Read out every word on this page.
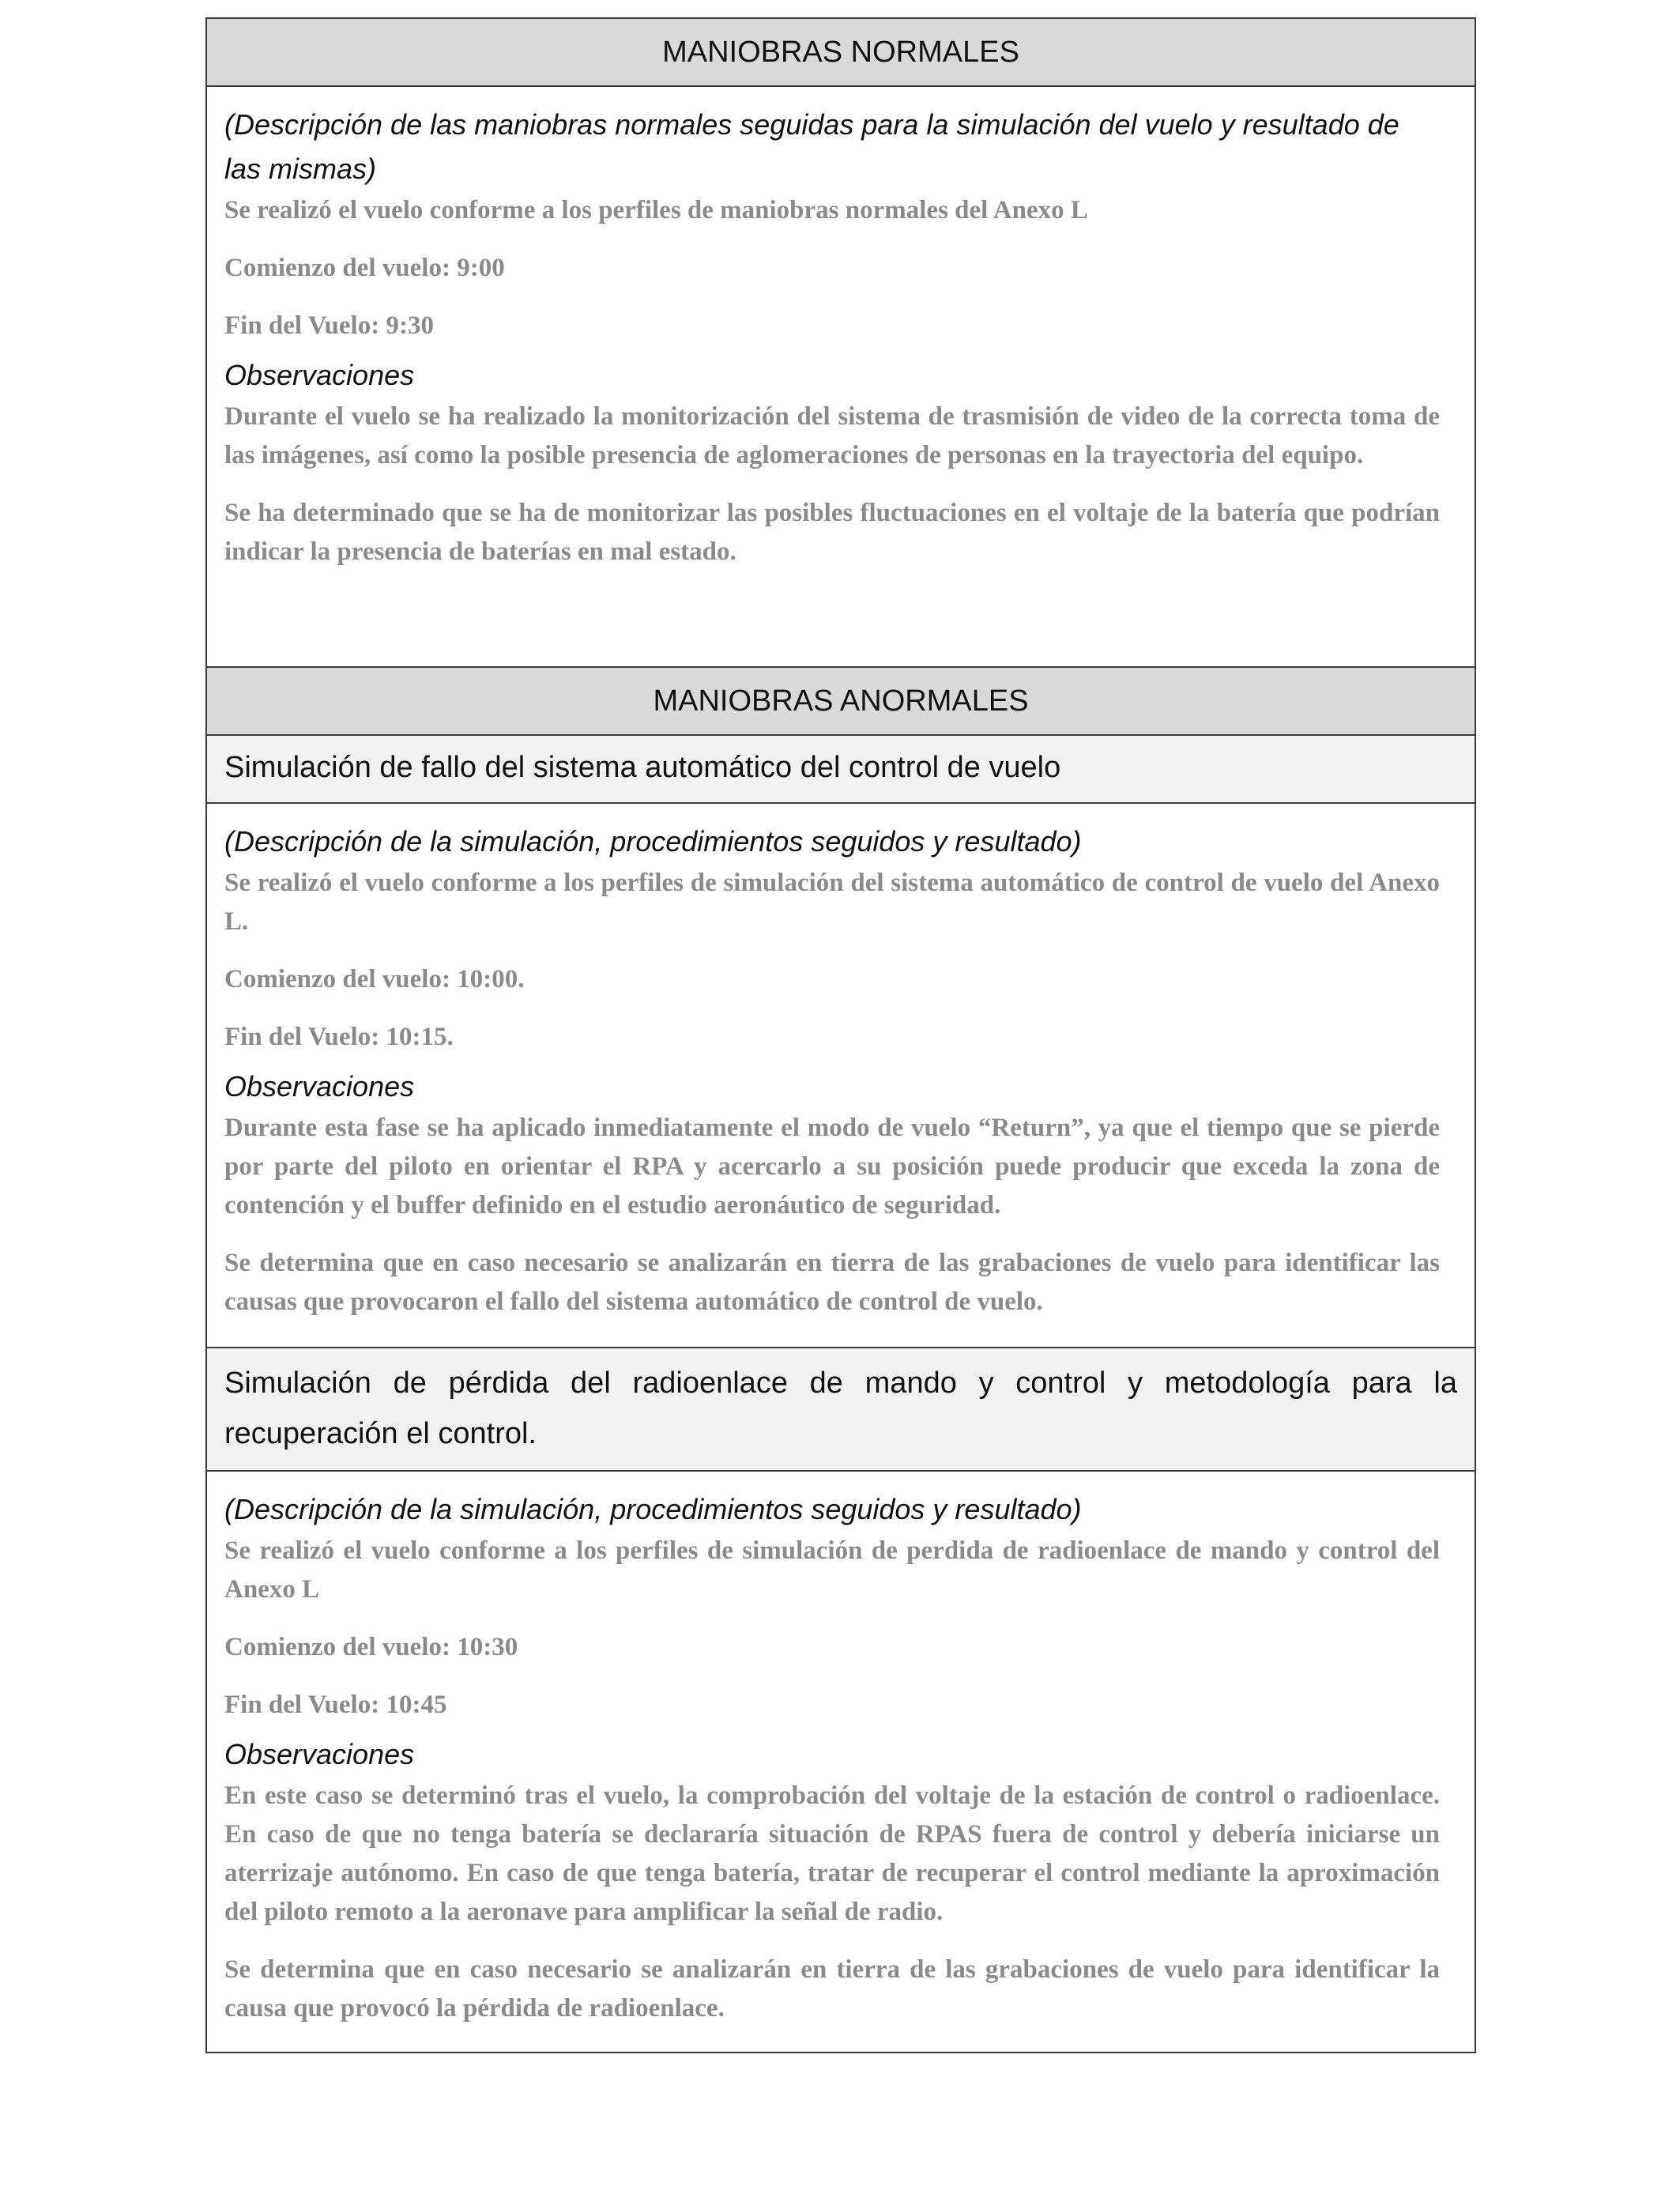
MANIOBRAS NORMALES

(Descripción de las maniobras normales seguidas para la simulación del vuelo y resultado de las mismas)

Se realizó el vuelo conforme a los perfiles de maniobras normales del Anexo L

Comienzo del vuelo: 9:00

Fin del Vuelo: 9:30

Observaciones

Durante el vuelo se ha realizado la monitorización del sistema de trasmisión de video de la correcta toma de las imágenes, así como la posible presencia de aglomeraciones de personas en la trayectoria del equipo.

Se ha determinado que se ha de monitorizar las posibles fluctuaciones en el voltaje de la batería que podrían indicar la presencia de baterías en mal estado.

MANIOBRAS ANORMALES
Simulación de fallo del sistema automático del control de vuelo

(Descripción de la simulación, procedimientos seguidos y resultado)

Se realizó el vuelo conforme a los perfiles de simulación del sistema automático de control de vuelo del Anexo L.

Comienzo del vuelo: 10:00.

Fin del Vuelo: 10:15.

Observaciones

Durante esta fase se ha aplicado inmediatamente el modo de vuelo “Return”, ya que el tiempo que se pierde por parte del piloto en orientar el RPA y acercarlo a su posición puede producir que exceda la zona de contención y el buffer definido en el estudio aeronáutico de seguridad.

Se determina que en caso necesario se analizarán en tierra de las grabaciones de vuelo para identificar las causas que provocaron el fallo del sistema automático de control de vuelo.

Simulación de pérdida del radioenlace de mando y control y metodología para la recuperación el control.

(Descripción de la simulación, procedimientos seguidos y resultado)

Se realizó el vuelo conforme a los perfiles de simulación de perdida de radioenlace de mando y control del Anexo L

Comienzo del vuelo: 10:30

Fin del Vuelo: 10:45

Observaciones

En este caso se determinó tras el vuelo, la comprobación del voltaje de la estación de control o radioenlace. En caso de que no tenga batería se declararía situación de RPAS fuera de control y debería iniciarse un aterrizaje autónomo. En caso de que tenga batería, tratar de recuperar el control mediante la aproximación del piloto remoto a la aeronave para amplificar la señal de radio.

Se determina que en caso necesario se analizarán en tierra de las grabaciones de vuelo para identificar la causa que provocó la pérdida de radioenlace.
